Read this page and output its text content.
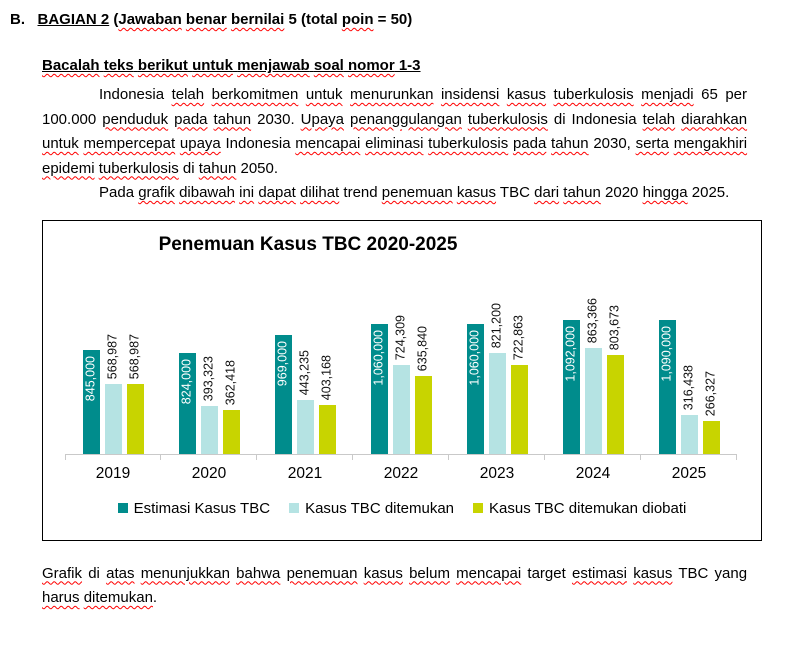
B. BAGIAN 2 (Jawaban benar bernilai 5 (total poin = 50)
Bacalah teks berikut untuk menjawab soal nomor 1-3
Indonesia telah berkomitmen untuk menurunkan insidensi kasus tuberkulosis menjadi 65 per 100.000 penduduk pada tahun 2030. Upaya penanggulangan tuberkulosis di Indonesia telah diarahkan untuk mempercepat upaya Indonesia mencapai eliminasi tuberkulosis pada tahun 2030, serta mengakhiri epidemi tuberkulosis di tahun 2050.
Pada grafik dibawah ini dapat dilihat trend penemuan kasus TBC dari tahun 2020 hingga 2025.
Penemuan Kasus TBC 2020-2025
845,000 568,987 568,987
824,000 393,323 362,418	969,000 443,235 403,168	1,060,000 724,309 635,840	1,060,000
821,200 722,863	1,092,000
863,366 803,673	1,090,000
316,438 266,327
2019	2020	2021	2022	2023	2024	2025
Estimasi Kasus TBC Kasus TBC ditemukan Kasus TBC ditemukan diobati
Grafik di atas menunjukkan bahwa penemuan kasus belum mencapai target estimasi kasus TBC yang harus ditemukan.
